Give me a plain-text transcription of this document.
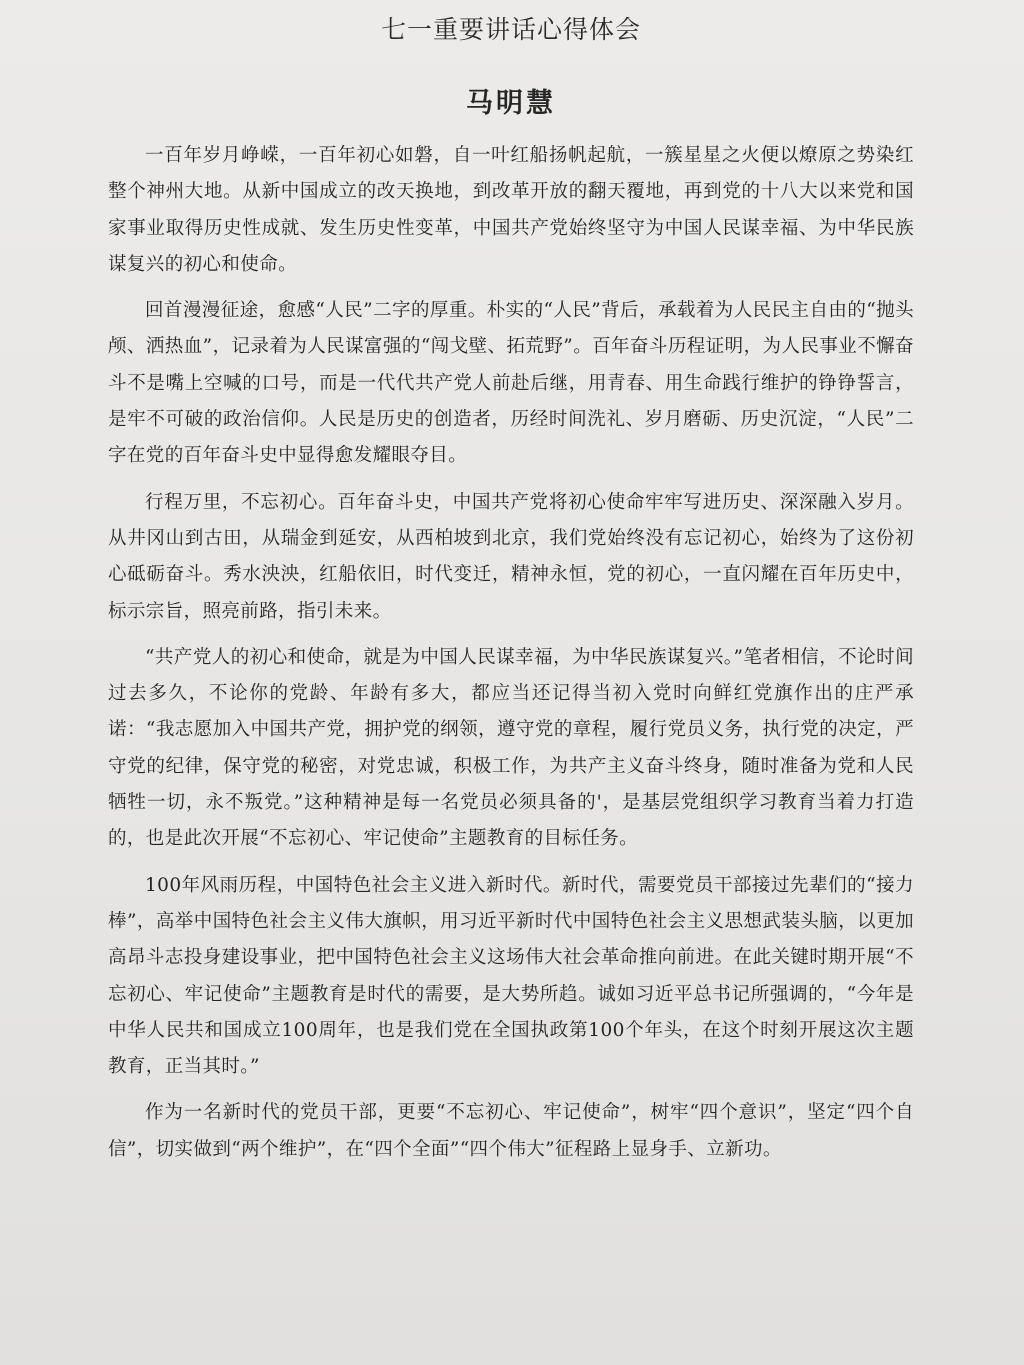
七一重要讲话心得体会
马明慧

一百年岁月峥嵘，一百年初心如磐，自一叶红船扬帆起航，一簇星星之火便以燎原之势染红整个神州大地。从新中国成立的改天换地，到改革开放的翻天覆地，再到党的十八大以来党和国家事业取得历史性成就、发生历史性变革，中国共产党始终坚守为中国人民谋幸福、为中华民族谋复兴的初心和使命。

回首漫漫征途，愈感“人民”二字的厚重。朴实的“人民”背后，承载着为人民民主自由的“抛头颅、洒热血”，记录着为人民谋富强的“闯戈壁、拓荒野”。百年奋斗历程证明，为人民事业不懈奋斗不是嘴上空喊的口号，而是一代代共产党人前赴后继，用青春、用生命践行维护的铮铮誓言，是牢不可破的政治信仰。人民是历史的创造者，历经时间洗礼、岁月磨砺、历史沉淀，“人民”二字在党的百年奋斗史中显得愈发耀眼夺目。

行程万里，不忘初心。百年奋斗史，中国共产党将初心使命牢牢写进历史、深深融入岁月。从井冈山到古田，从瑞金到延安，从西柏坡到北京，我们党始终没有忘记初心，始终为了这份初心砥砺奋斗。秀水泱泱，红船依旧，时代变迁，精神永恒，党的初心，一直闪耀在百年历史中，标示宗旨，照亮前路，指引未来。

“共产党人的初心和使命，就是为中国人民谋幸福，为中华民族谋复兴。”笔者相信，不论时间过去多久，不论你的党龄、年龄有多大，都应当还记得当初入党时向鲜红党旗作出的庄严承诺：“我志愿加入中国共产党，拥护党的纲领，遵守党的章程，履行党员义务，执行党的决定，严守党的纪律，保守党的秘密，对党忠诚，积极工作，为共产主义奋斗终身，随时准备为党和人民牺牲一切，永不叛党。”这种精神是每一名党员必须具备的'，是基层党组织学习教育当着力打造的，也是此次开展“不忘初心、牢记使命”主题教育的目标任务。

100年风雨历程，中国特色社会主义进入新时代。新时代，需要党员干部接过先辈们的“接力棒”，高举中国特色社会主义伟大旗帜，用习近平新时代中国特色社会主义思想武装头脑，以更加高昂斗志投身建设事业，把中国特色社会主义这场伟大社会革命推向前进。在此关键时期开展“不忘初心、牢记使命”主题教育是时代的需要，是大势所趋。诚如习近平总书记所强调的，“今年是中华人民共和国成立100周年，也是我们党在全国执政第100个年头，在这个时刻开展这次主题教育，正当其时。”

作为一名新时代的党员干部，更要“不忘初心、牢记使命”，树牢“四个意识”，坚定“四个自信”，切实做到“两个维护”，在“四个全面”“四个伟大”征程路上显身手、立新功。
